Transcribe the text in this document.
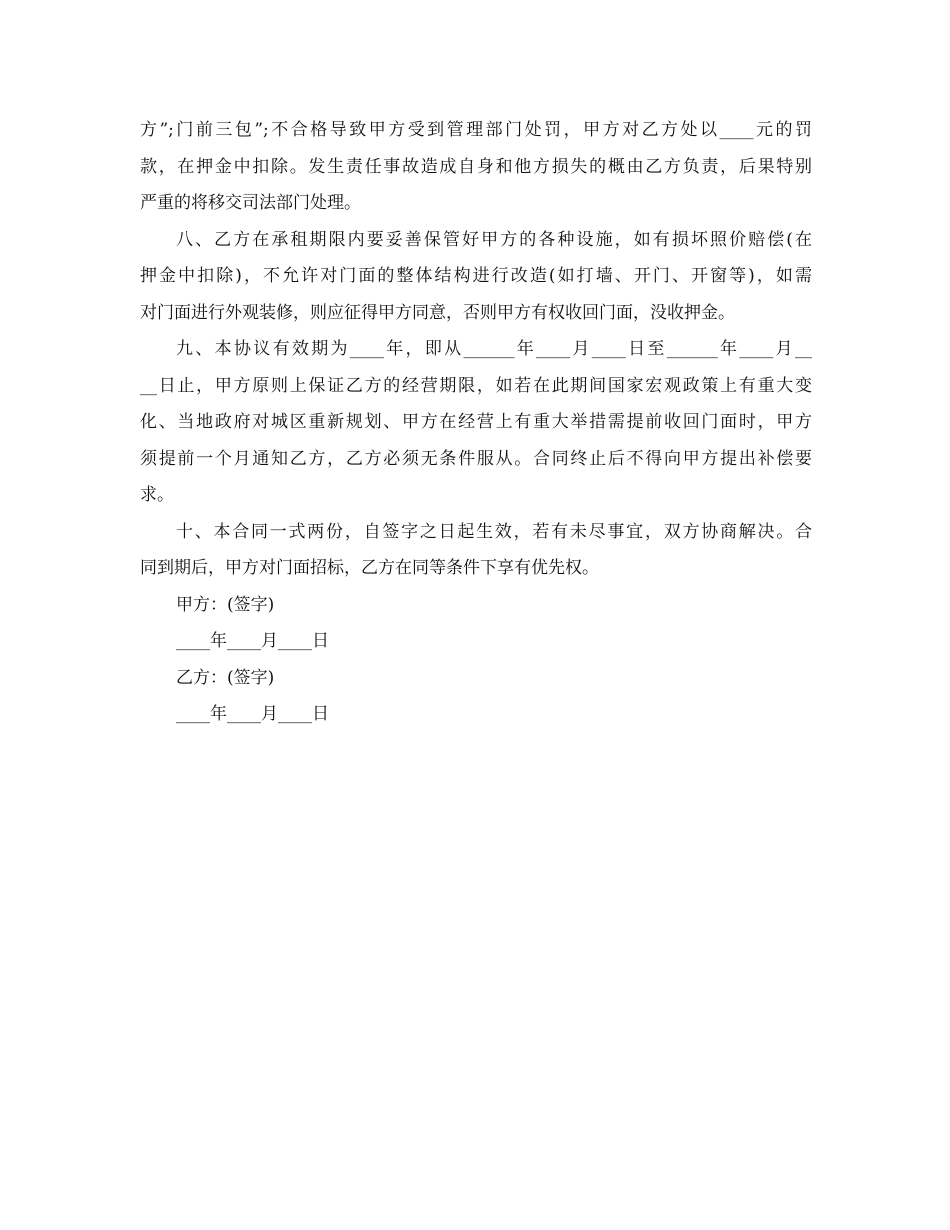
方”;门前三包”;不合格导致甲方受到管理部门处罚，甲方对乙方处以____元的罚
款，在押金中扣除。发生责任事故造成自身和他方损失的概由乙方负责，后果特别
严重的将移交司法部门处理。
八、乙方在承租期限内要妥善保管好甲方的各种设施，如有损坏照价赔偿(在
押金中扣除)，不允许对门面的整体结构进行改造(如打墙、开门、开窗等)，如需
对门面进行外观装修，则应征得甲方同意，否则甲方有权收回门面，没收押金。
九、本协议有效期为____年，即从______年____月____日至______年____月__
__日止，甲方原则上保证乙方的经营期限，如若在此期间国家宏观政策上有重大变
化、当地政府对城区重新规划、甲方在经营上有重大举措需提前收回门面时，甲方
须提前一个月通知乙方，乙方必须无条件服从。合同终止后不得向甲方提出补偿要
求。
十、本合同一式两份，自签字之日起生效，若有未尽事宜，双方协商解决。合
同到期后，甲方对门面招标，乙方在同等条件下享有优先权。
甲方：(签字)
____年____月____日
乙方：(签字)
____年____月____日
